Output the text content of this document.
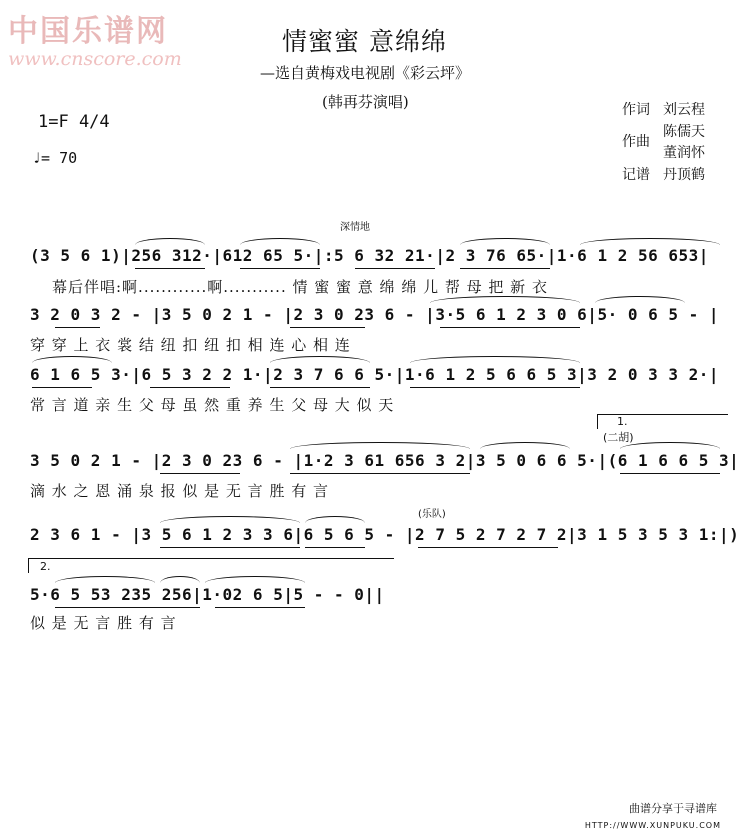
中国乐谱网
www.cnscore.com
情蜜蜜 意绵绵
—选自黄梅戏电视剧《彩云坪》
(韩再芬演唱)
1=F 4/4
♩= 70
作词 刘云程
作曲
陈儒天
董润怀
记谱 丹顶鹤
深情地
(3 5 6 1)|256 312·|612 65 5·|:5 6 32 21·|2 3 76 65·|1·6 1 2 56 653|
幕后伴唱:啊............啊........... 情 蜜 蜜 意 绵 绵 儿 帮 母 把 新 衣
3 2 0 3 2 - |3 5 0 2 1 - |2 3 0 23 6 - |3·5 6 1 2 3 0 6|5· 0 6 5 - |
穿 穿 上 衣 裳 结 纽 扣 纽 扣 相 连 心 相 连
6 1 6 5 3·|6 5 3 2 2 1·|2 3 7 6 6 5·|1·6 1 2 5 6 6 5 3|3 2 0 3 3 2·|
常 言 道 亲 生 父 母 虽 然 重 养 生 父 母 大 似 天
1.
(二胡)
3 5 0 2 1 - |2 3 0 23 6 - |1·2 3 61 656 3 2|3 5 0 6 6 5·|(6 1 6 6 5 3|
滴 水 之 恩 涌 泉 报 似 是 无 言 胜 有 言
(乐队)
2 3 6 1 - |3 5 6 1 2 3 3 6|6 5 6 5 - |2 7 5 2 7 2 7 2|3 1 5 3 5 3 1:|)
2.
5·6 5 53 235 256|1·02 6 5|5 - - 0||
似 是 无 言 胜 有 言
曲谱分享于寻谱库
HTTP://WWW.XUNPUKU.COM
